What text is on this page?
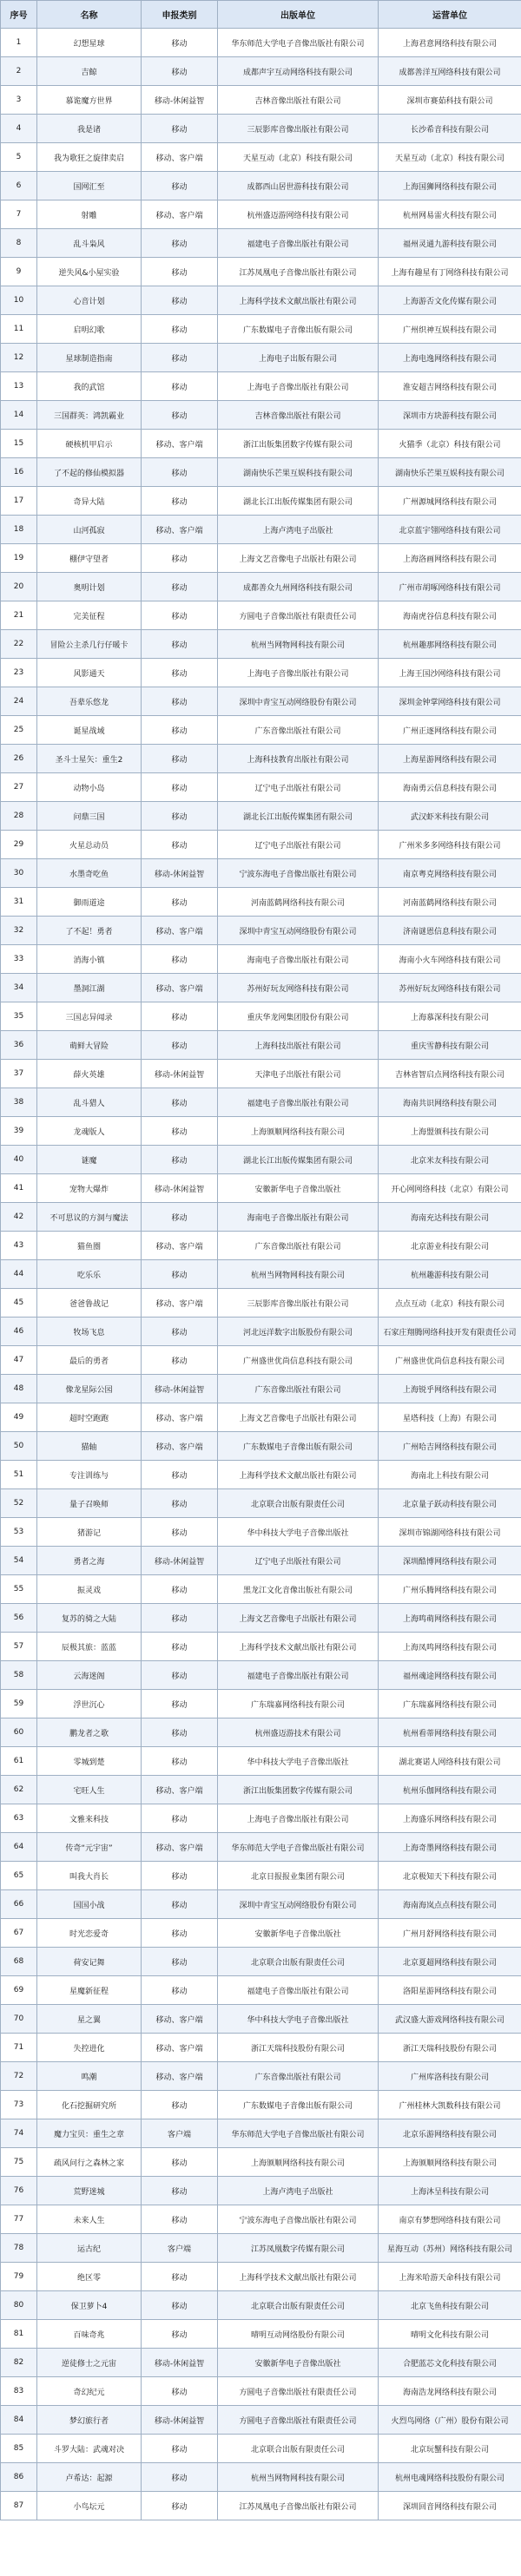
序号	名称	申报类别	出版单位	运营单位
1	幻想星球	移动	华东师范大学电子音像出版社有限公司	上海君意网络科技有限公司
2	吉鲸	移动	成都声宇互动网络科技有限公司	成都善洋互网络科技有限公司
3	慕诡魔方世界	移动-休闲益智	吉林音像出版社有限公司	深圳市赛茹科技有限公司
4	我是诸	移动	三辰影库音像出版社有限公司	长沙希音科技有限公司
5	我为歌狂之旋律卖启	移动、客户端	天星互动（北京）科技有限公司	天星互动（北京）科技有限公司
6	国网汇至	移动	成都西山居世游科技有限公司	上海国狮网络科技有限公司
7	射雕	移动、客户端	杭州盛迈游网络科技有限公司	杭州网易雷火科技有限公司
8	乱斗枭风	移动	福建电子音像出版社有限公司	福州灵通九游科技有限公司
9	逆失风&小屋实验	移动	江苏凤凰电子音像出版社有限公司	上海有趣星有丁网络科技有限公司
10	心音计划	移动	上海科学技术文献出版社有限公司	上海游否文化传媒有限公司
11	启明幻歌	移动	广东数媒电子音像出版有限公司	广州织神互娱科技有限公司
12	星球制造指南	移动	上海电子出版有限公司	上海电逸网络科技有限公司
13	我的武馆	移动	上海电子音像出版社有限公司	淮安超吉网络科技有限公司
14	三国群英：鸿凯霸业	移动	吉林音像出版社有限公司	深圳市方块游科技有限公司
15	硬核机甲启示	移动、客户端	浙江出版集团数字传媒有限公司	火猫季（北京）科技有限公司
16	了不起的修仙模拟器	移动	湖南快乐芒果互娱科技有限公司	湖南快乐芒果互娱科技有限公司
17	奇异大陆	移动	湖北长江出版传媒集团有限公司	广州源城网络科技有限公司
18	山河孤寂	移动、客户端	上海卢湾电子出版社	北京蓝宇翎网络科技有限公司
19	棚伊守望者	移动	上海文艺音像电子出版社有限公司	上海洛画网络科技有限公司
20	奥明计划	移动	成都善众九州网络科技有限公司	广州市胡啄网络科技有限公司
21	完美征程	移动	方圆电子音像出版社有限责任公司	海南虎谷信息科技有限公司
22	冒险公主杀几行仔暖卡	移动	杭州当网物网科技有限公司	杭州趣那网络科技有限公司
23	风影通天	移动	上海电子音像出版社有限公司	上海王国沙网络科技有限公司
24	吾辈乐悠龙	移动	深圳中青宝互动网络股份有限公司	深圳金钟掌网络科技有限公司
25	诞星战域	移动	广东音像出版社有限公司	广州正逐网络科技有限公司
26	圣斗士星矢：重生2	移动	上海科技教育出版社有限公司	上海星游网络科技有限公司
27	动物小岛	移动	辽宁电子出版社有限公司	海南勇云信息科技有限公司
28	问鼎三国	移动	湖北长江出版传媒集团有限公司	武汉虾米科技有限公司
29	火星总动员	移动	辽宁电子出版社有限公司	广州米多多网络科技有限公司
30	水墨奇吃鱼	移动-休闲益智	宁波东海电子音像出版社有限公司	南京粤克网络科技有限公司
31	御雨道途	移动	河南蓝鹤网络科技有限公司	河南蓝鹤网络科技有限公司
32	了不起！勇者	移动、客户端	深圳中青宝互动网络股份有限公司	济南谜恩信息科技有限公司
33	消海小镇	移动	海南电子音像出版社有限公司	海南小火车网络科技有限公司
34	墨洞江湖	移动、客户端	苏州好玩友网络科技有限公司	苏州好玩友网络科技有限公司
35	三国志异闻录	移动	重庆华龙网集团股份有限公司	上海慕深科技有限公司
36	萌鲜大冒险	移动	上海科技出版社有限公司	重庆雪静科技有限公司
37	薛火英雄	移动-休闲益智	天津电子出版社有限公司	吉林省智启点网络科技有限公司
38	乱斗猎人	移动	福建电子音像出版社有限公司	海南共识网络科技有限公司
39	龙魂版人	移动	上海颁顺网络科技有限公司	上海盟颁科技有限公司
40	谜魔	移动	湖北长江出版传媒集团有限公司	北京米友科技有限公司
41	宠物大爆炸	移动-休闲益智	安徽新华电子音像出版社	开心网网络科技（北京）有限公司
42	不可思议的方洞与魔法	移动	海南电子音像出版社有限公司	海南充达科技有限公司
43	猫鱼圈	移动、客户端	广东音像出版社有限公司	北京游业科技有限公司
44	吃乐乐	移动	杭州当网物网科技有限公司	杭州趣游科技有限公司
45	爸爸鲁战记	移动、客户端	三辰影库音像出版社有限公司	点点互动（北京）科技有限公司
46	牧场飞息	移动	河北远洋数字出版股份有限公司	石家庄翔腾网络科技开发有限责任公司
47	最后的勇者	移动	广州盛世优尚信息科技有限公司	广州盛世优尚信息科技有限公司
48	像龙星际公园	移动-休闲益智	广东音像出版社有限公司	上海锐乎网络科技有限公司
49	超时空跑跑	移动、客户端	上海文艺音像电子出版社有限公司	星塔科技（上海）有限公司
50	猫轴	移动、客户端	广东数媒电子音像出版有限公司	广州哈吉网络科技有限公司
51	专注训练与	移动	上海科学技术文献出版社有限公司	海南北上科技有限公司
52	量子召唤师	移动	北京联合出版有限责任公司	北京量子跃动科技有限公司
53	猪游记	移动	华中科技大学电子音像出版社	深圳市锦湖网络科技有限公司
54	勇者之海	移动-休闲益智	辽宁电子出版社有限公司	深圳酷博网络科技有限公司
55	振灵戏	移动	黑龙江文化音像出版社有限公司	广州乐腾网络科技有限公司
56	复苏的骑之大陆	移动	上海文艺音像电子出版社有限公司	上海鸣萌网络科技有限公司
57	辰极其旅：蓝蓝	移动	上海科学技术文献出版社有限公司	上海凤鸣网络科技有限公司
58	云海迷阁	移动	福建电子音像出版社有限公司	福州魂途网络科技有限公司
59	浮世沉心	移动	广东瑞嘉网络科技有限公司	广东瑞嘉网络科技有限公司
60	鹏龙者之歌	移动	杭州盛迈游技术有限公司	杭州看蒂网络科技有限公司
61	零城到楚	移动	华中科技大学电子音像出版社	湖北赛诺人网络科技有限公司
62	宅旺人生	移动、客户端	浙江出版集团数字传媒有限公司	杭州乐伽网络科技有限公司
63	文雅来科技	移动	上海电子音像出版社有限公司	上海盛乐网络科技有限公司
64	传奇“元宇宙”	移动、客户端	华东师范大学电子音像出版社有限公司	上海奇墨网络科技有限公司
65	叫我大肖长	移动	北京日报报业集团有限公司	北京极知天下科技有限公司
66	国国小战	移动	深圳中青宝互动网络股份有限公司	海南海岚点点科技有限公司
67	时光恋爱奇	移动	安徽新华电子音像出版社	广州月舒网络科技有限公司
68	荷安记舞	移动	北京联合出版有限责任公司	北京夏超网络科技有限公司
69	星魔新征程	移动	福建电子音像出版社有限公司	洛阳星游网络科技有限公司
70	星之翼	移动、客户端	华中科技大学电子音像出版社	武汉盛大游戏网络科技有限公司
71	失控进化	移动、客户端	浙江天瑞科技股份有限公司	浙江天瑞科技股份有限公司
72	鸣潮	移动、客户端	广东音像出版社有限公司	广州库洛科技有限公司
73	化石挖掘研究所	移动	广东数媒电子音像出版有限公司	广州桂林大凯数科技有限公司
74	魔力宝贝：重生之章	客户端	华东师范大学电子音像出版社有限公司	北京乐游网络科技有限公司
75	疏风问行之森林之家	移动	上海颁顺网络科技有限公司	上海颁顺网络科技有限公司
76	荒野迷城	移动	上海卢湾电子出版社	上海沐呈科技有限公司
77	未来人生	移动	宁波东海电子音像出版社有限公司	南京有梦想网络科技有限公司
78	运古纪	客户端	江苏凤凰数字传媒有限公司	星海互动（苏州）网络科技有限公司
79	绝区零	移动	上海科学技术文献出版社有限公司	上海米哈游天命科技有限公司
80	保卫萝卜4	移动	北京联合出版有限责任公司	北京飞鱼科技有限公司
81	百味奇兆	移动	晴明互动网络股份有限公司	晴明文化科技有限公司
82	逆徒修士之元宙	移动-休闲益智	安徽新华电子音像出版社	合肥蓝芯文化科技有限公司
83	奇幻纪元	移动	方圆电子音像出版社有限责任公司	海南浩龙网络科技有限公司
84	梦幻旅行者	移动-休闲益智	方圆电子音像出版社有限责任公司	火烈鸟网络（广州）股份有限公司
85	斗罗大陆：武魂对决	移动	北京联合出版有限责任公司	北京玩蟹科技有限公司
86	卢希达：起源	移动	杭州当网物网科技有限公司	杭州电魂网络科技股份有限公司
87	小鸟坛元	移动	江苏凤凰电子音像出版社有限公司	深圳回音网络科技有限公司
